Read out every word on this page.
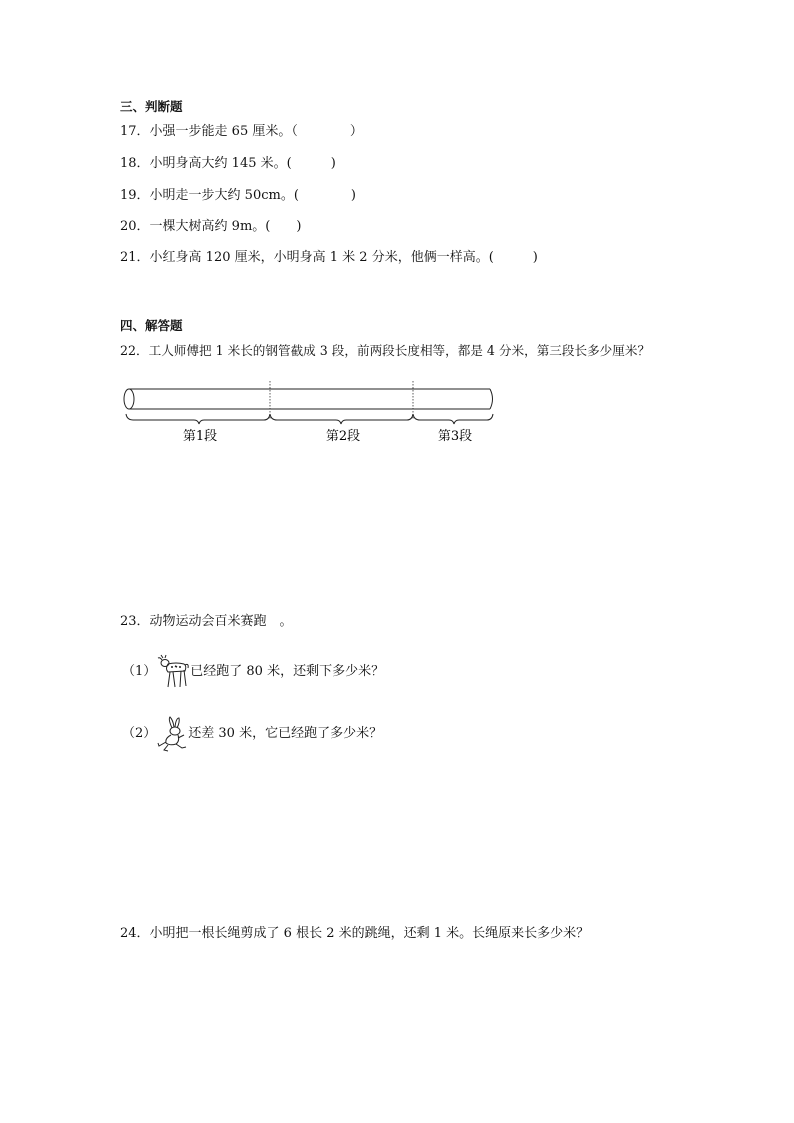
三、判断题
17．小强一步能走 65 厘米。（　　　　）
18．小明身高大约 145 米。(　　　)
19．小明走一步大约 50cm。(　　　　)
20．一棵大树高约 9m。(　　)
21．小红身高 120 厘米，小明身高 1 米 2 分米，他俩一样高。(　　　)
四、解答题
22．工人师傅把 1 米长的钢管截成 3 段，前两段长度相等，都是 4 分米，第三段长多少厘米？
第1段	第2段	第3段
23．动物运动会百米赛跑　。
（1）	已经跑了 80 米，还剩下多少米？
（2） 还差 30 米，它已经跑了多少米？
24．小明把一根长绳剪成了 6 根长 2 米的跳绳，还剩 1 米。长绳原来长多少米？
